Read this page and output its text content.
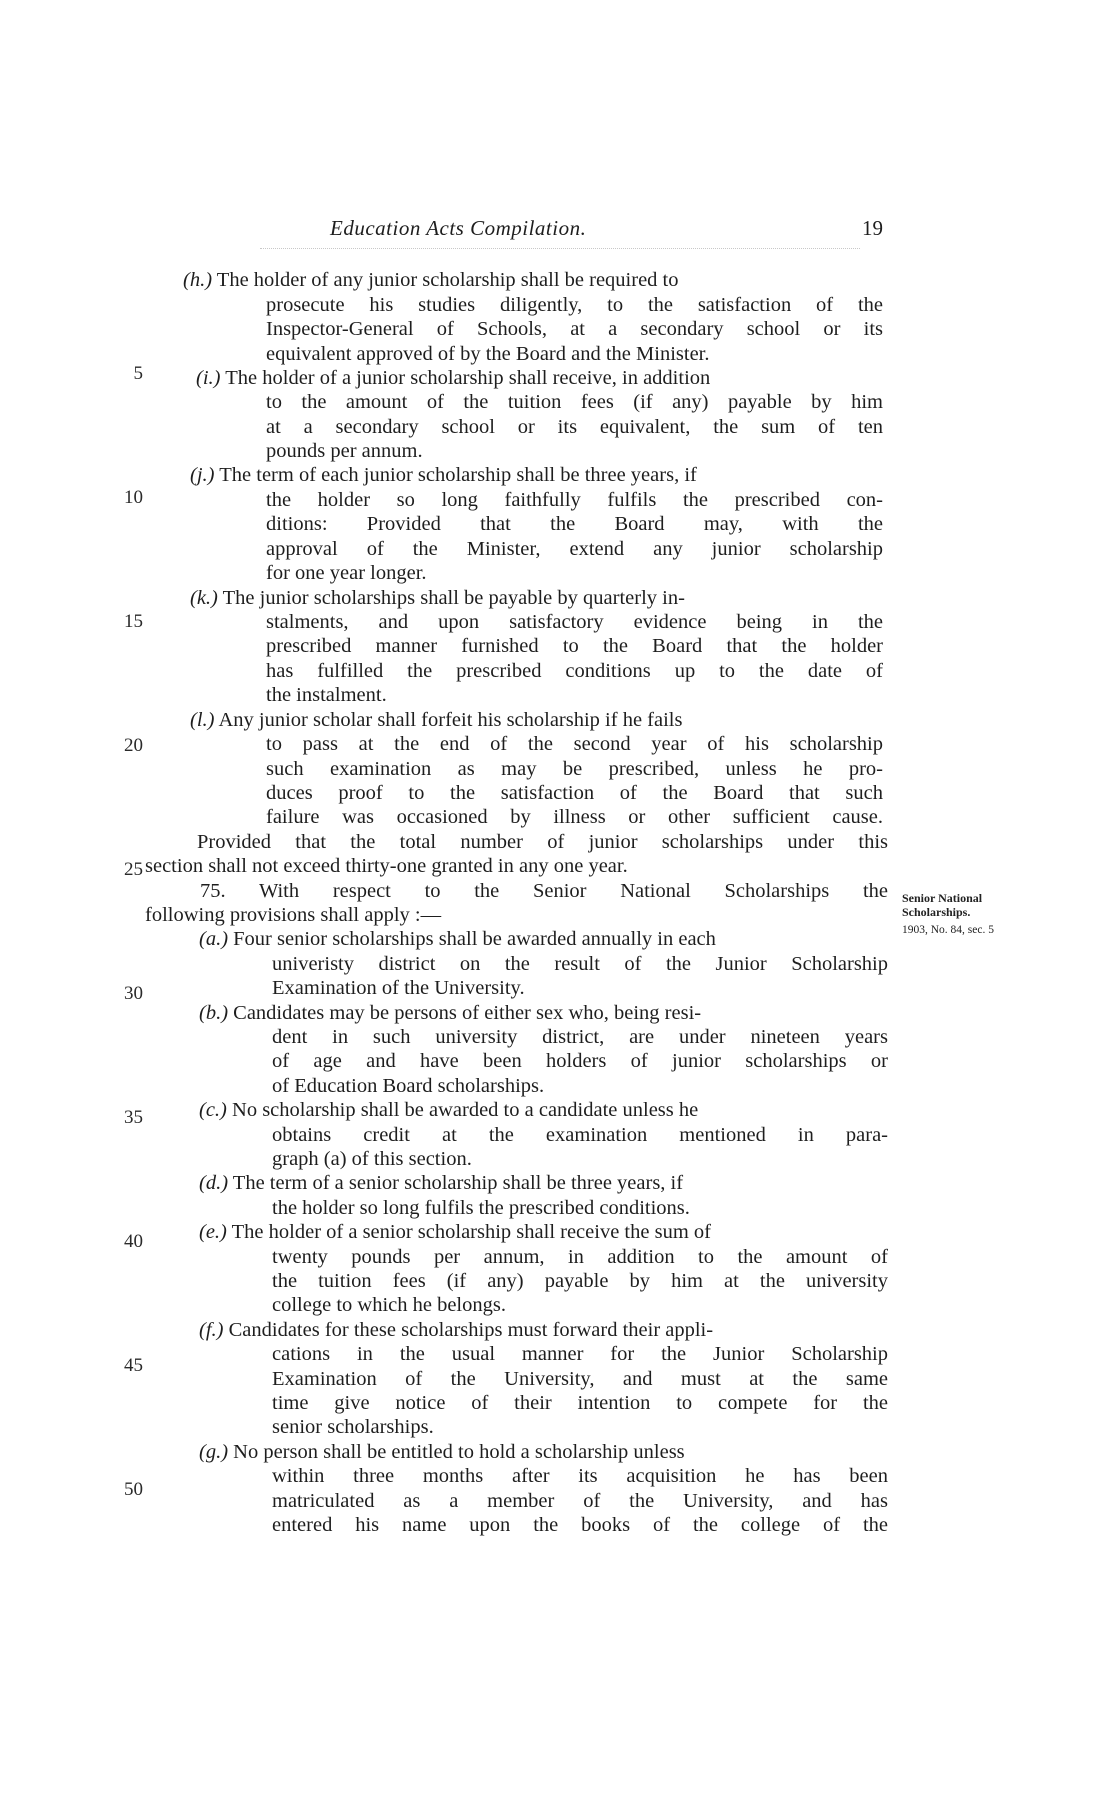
Education Acts Compilation.	19
5
10
15
20
25
30
35
40
45
50
Senior National
Scholarships.
1903, No. 84, sec. 5
(h.) The holder of any junior scholarship shall be required to
prosecute his studies diligently, to the satisfaction of the
Inspector-General of Schools, at a secondary school or its
equivalent approved of by the Board and the Minister.
(i.) The holder of a junior scholarship shall receive, in addition
to the amount of the tuition fees (if any) payable by him
at a secondary school or its equivalent, the sum of ten
pounds per annum.
(j.) The term of each junior scholarship shall be three years, if
the holder so long faithfully fulfils the prescribed con-
ditions: Provided that the Board may, with the
approval of the Minister, extend any junior scholarship
for one year longer.
(k.) The junior scholarships shall be payable by quarterly in-
stalments, and upon satisfactory evidence being in the
prescribed manner furnished to the Board that the holder
has fulfilled the prescribed conditions up to the date of
the instalment.
(l.) Any junior scholar shall forfeit his scholarship if he fails
to pass at the end of the second year of his scholarship
such examination as may be prescribed, unless he pro-
duces proof to the satisfaction of the Board that such
failure was occasioned by illness or other sufficient cause.
Provided that the total number of junior scholarships under this
section shall not exceed thirty-one granted in any one year.
75. With respect to the Senior National Scholarships the
following provisions shall apply :—
(a.) Four senior scholarships shall be awarded annually in each
univeristy district on the result of the Junior Scholarship
Examination of the University.
(b.) Candidates may be persons of either sex who, being resi-
dent in such university district, are under nineteen years
of age and have been holders of junior scholarships or
of Education Board scholarships.
(c.) No scholarship shall be awarded to a candidate unless he
obtains credit at the examination mentioned in para-
graph (a) of this section.
(d.) The term of a senior scholarship shall be three years, if
the holder so long fulfils the prescribed conditions.
(e.) The holder of a senior scholarship shall receive the sum of
twenty pounds per annum, in addition to the amount of
the tuition fees (if any) payable by him at the university
college to which he belongs.
(f.) Candidates for these scholarships must forward their appli-
cations in the usual manner for the Junior Scholarship
Examination of the University, and must at the same
time give notice of their intention to compete for the
senior scholarships.
(g.) No person shall be entitled to hold a scholarship unless
within three months after its acquisition he has been
matriculated as a member of the University, and has
entered his name upon the books of the college of the
